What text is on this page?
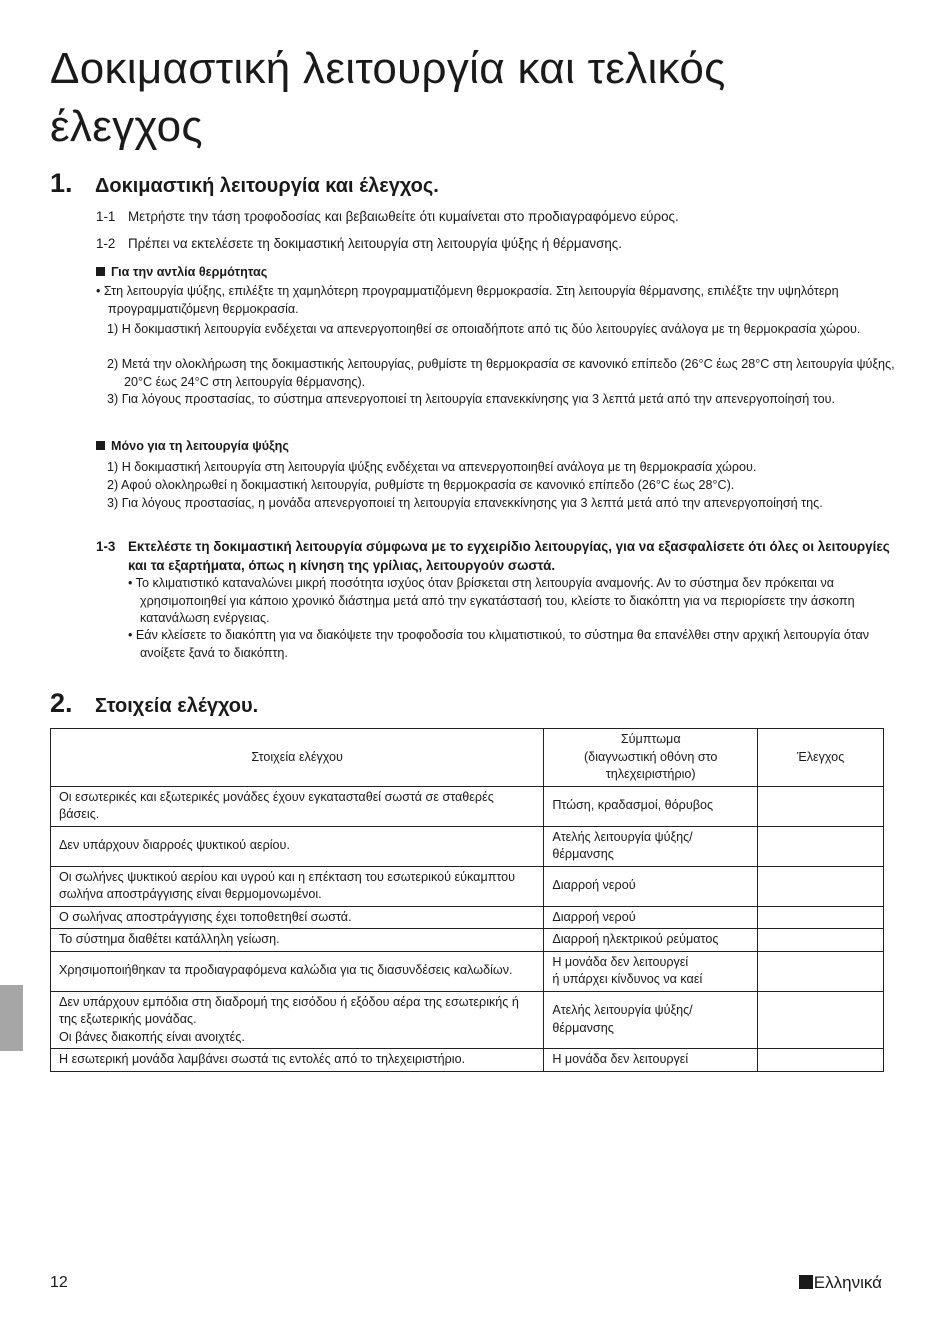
Δοκιμαστική λειτουργία και τελικός έλεγχος
1. Δοκιμαστική λειτουργία και έλεγχος.
1-1 Μετρήστε την τάση τροφοδοσίας και βεβαιωθείτε ότι κυμαίνεται στο προδιαγραφόμενο εύρος.
1-2 Πρέπει να εκτελέσετε τη δοκιμαστική λειτουργία στη λειτουργία ψύξης ή θέρμανσης.
Για την αντλία θερμότητας
• Στη λειτουργία ψύξης, επιλέξτε τη χαμηλότερη προγραμματιζόμενη θερμοκρασία. Στη λειτουργία θέρμανσης, επιλέξτε την υψηλότερη προγραμματιζόμενη θερμοκρασία.
1) Η δοκιμαστική λειτουργία ενδέχεται να απενεργοποιηθεί σε οποιαδήποτε από τις δύο λειτουργίες ανάλογα με τη θερμοκρασία χώρου.
2) Μετά την ολοκλήρωση της δοκιμαστικής λειτουργίας, ρυθμίστε τη θερμοκρασία σε κανονικό επίπεδο (26°C έως 28°C στη λειτουργία ψύξης, 20°C έως 24°C στη λειτουργία θέρμανσης).
3) Για λόγους προστασίας, το σύστημα απενεργοποιεί τη λειτουργία επανεκκίνησης για 3 λεπτά μετά από την απενεργοποίησή του.
Μόνο για τη λειτουργία ψύξης
1) Η δοκιμαστική λειτουργία στη λειτουργία ψύξης ενδέχεται να απενεργοποιηθεί ανάλογα με τη θερμοκρασία χώρου.
2) Αφού ολοκληρωθεί η δοκιμαστική λειτουργία, ρυθμίστε τη θερμοκρασία σε κανονικό επίπεδο (26°C έως 28°C).
3) Για λόγους προστασίας, η μονάδα απενεργοποιεί τη λειτουργία επανεκκίνησης για 3 λεπτά μετά από την απενεργοποίησή της.
1-3 Εκτελέστε τη δοκιμαστική λειτουργία σύμφωνα με το εγχειρίδιο λειτουργίας, για να εξασφαλίσετε ότι όλες οι λειτουργίες και τα εξαρτήματα, όπως η κίνηση της γρίλιας, λειτουργούν σωστά.
• Το κλιματιστικό καταναλώνει μικρή ποσότητα ισχύος όταν βρίσκεται στη λειτουργία αναμονής. Αν το σύστημα δεν πρόκειται να χρησιμοποιηθεί για κάποιο χρονικό διάστημα μετά από την εγκατάστασή του, κλείστε το διακόπτη για να περιορίσετε την άσκοπη κατανάλωση ενέργειας.
• Εάν κλείσετε το διακόπτη για να διακόψετε την τροφοδοσία του κλιματιστικού, το σύστημα θα επανέλθει στην αρχική λειτουργία όταν ανοίξετε ξανά το διακόπτη.
2. Στοιχεία ελέγχου.
Στοιχεία ελέγχου	Σύμπτωμα
(διαγνωστική οθόνη στο
τηλεχειριστήριο)	Έλεγχος
Οι εσωτερικές και εξωτερικές μονάδες έχουν εγκατασταθεί σωστά σε σταθερές βάσεις.	Πτώση, κραδασμοί, θόρυβος	
Δεν υπάρχουν διαρροές ψυκτικού αερίου.	Ατελής λειτουργία ψύξης/
θέρμανσης	
Οι σωλήνες ψυκτικού αερίου και υγρού και η επέκταση του εσωτερικού εύκαμπτου σωλήνα αποστράγγισης είναι θερμομονωμένοι.	Διαρροή νερού	
Ο σωλήνας αποστράγγισης έχει τοποθετηθεί σωστά.	Διαρροή νερού	
Το σύστημα διαθέτει κατάλληλη γείωση.	Διαρροή ηλεκτρικού ρεύματος	
Χρησιμοποιήθηκαν τα προδιαγραφόμενα καλώδια για τις διασυνδέσεις καλωδίων.	Η μονάδα δεν λειτουργεί
ή υπάρχει κίνδυνος να καεί	
Δεν υπάρχουν εμπόδια στη διαδρομή της εισόδου ή εξόδου αέρα της εσωτερικής ή της εξωτερικής μονάδας.
Οι βάνες διακοπής είναι ανοιχτές.	Ατελής λειτουργία ψύξης/
θέρμανσης	
Η εσωτερική μονάδα λαμβάνει σωστά τις εντολές από το τηλεχειριστήριο.	Η μονάδα δεν λειτουργεί	
12	Ελληνικά
